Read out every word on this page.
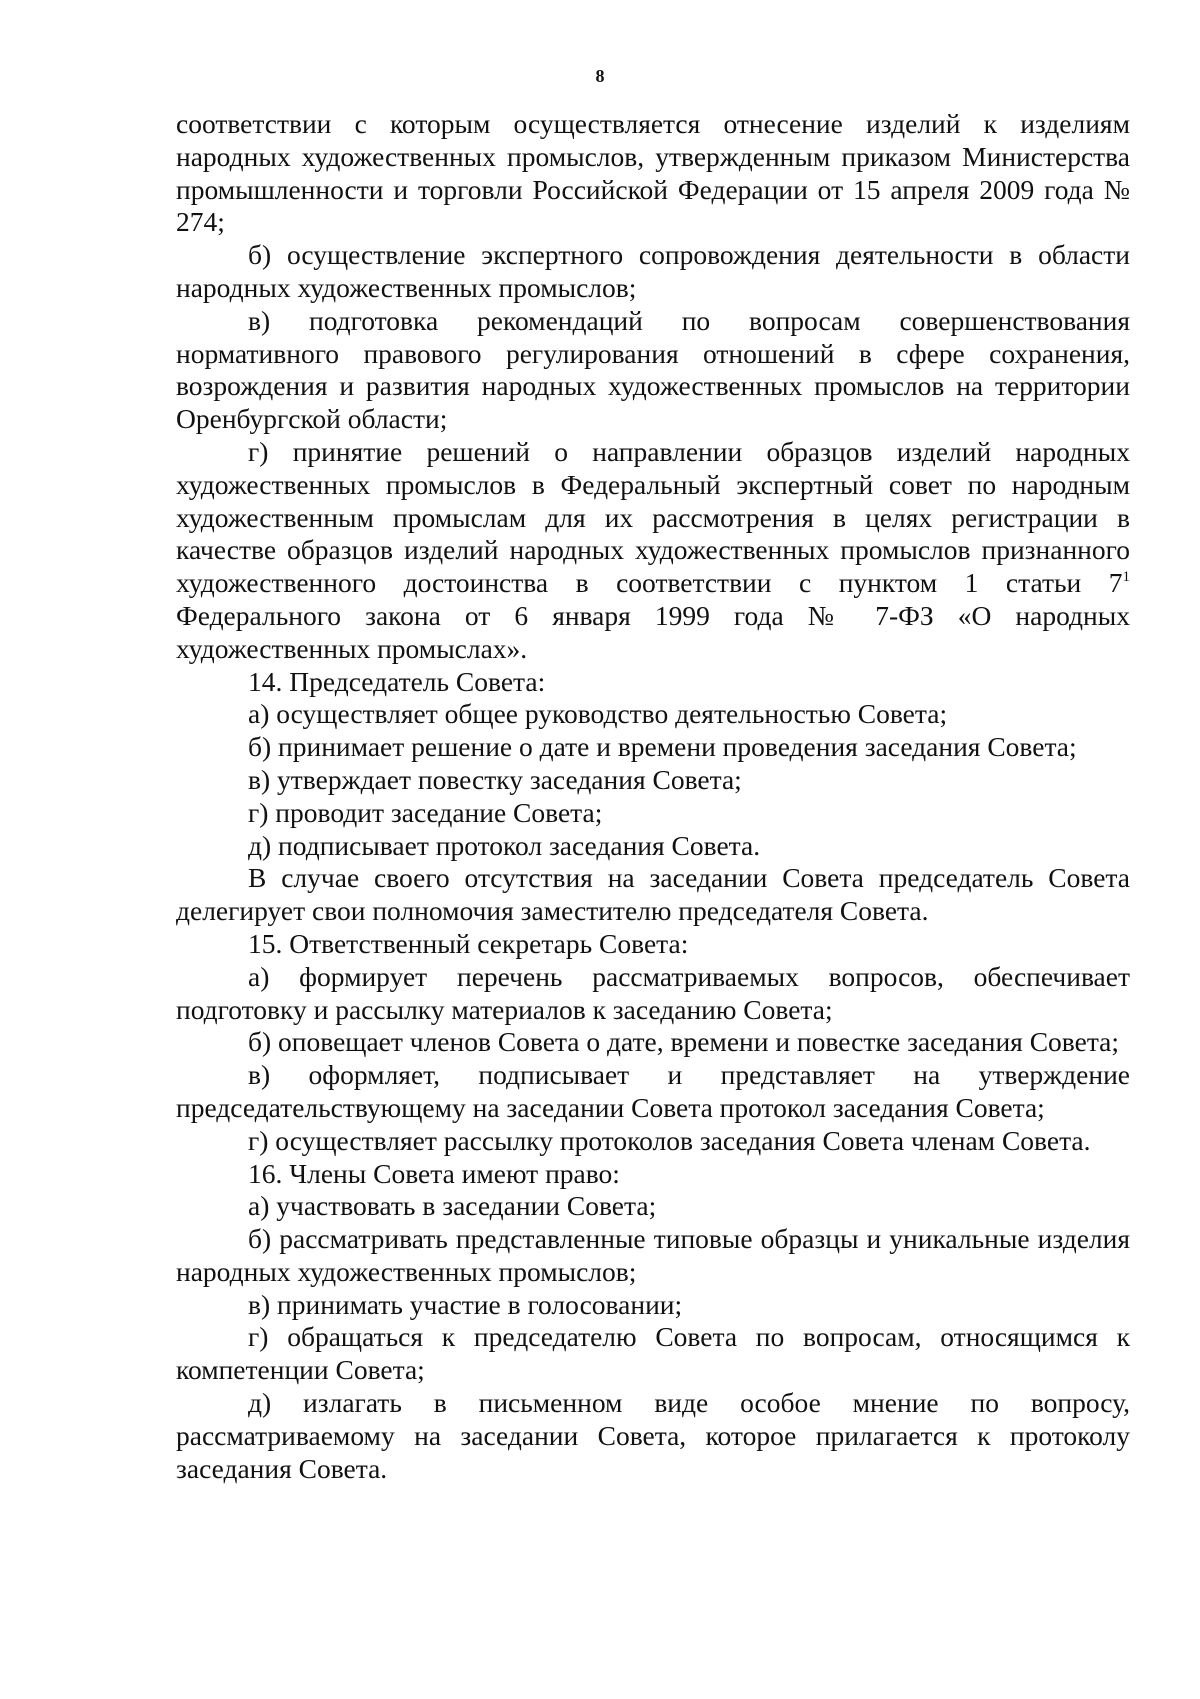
8

соответствии с которым осуществляется отнесение изделий к изделиям народных художественных промыслов, утвержденным приказом Министерства промышленности и торговли Российской Федерации от 15 апреля 2009 года № 274;

б) осуществление экспертного сопровождения деятельности в области народных художественных промыслов;

в) подготовка рекомендаций по вопросам совершенствования нормативного правового регулирования отношений в сфере сохранения, возрождения и развития народных художественных промыслов на территории Оренбургской области;

г) принятие решений о направлении образцов изделий народных художественных промыслов в Федеральный экспертный совет по народным художественным промыслам для их рассмотрения в целях регистрации в качестве образцов изделий народных художественных промыслов признанного художественного достоинства в соответствии с пунктом 1 статьи $7^1$ Федерального закона от 6 января 1999 года № 7-ФЗ «О народных художественных промыслах».

14. Председатель Совета:

а) осуществляет общее руководство деятельностью Совета;

б) принимает решение о дате и времени проведения заседания Совета;

в) утверждает повестку заседания Совета;

г) проводит заседание Совета;

д) подписывает протокол заседания Совета.

В случае своего отсутствия на заседании Совета председатель Совета делегирует свои полномочия заместителю председателя Совета.

15. Ответственный секретарь Совета:

а) формирует перечень рассматриваемых вопросов, обеспечивает подготовку и рассылку материалов к заседанию Совета;

б) оповещает членов Совета о дате, времени и повестке заседания Совета;

в) оформляет, подписывает и представляет на утверждение председательствующему на заседании Совета протокол заседания Совета;

г) осуществляет рассылку протоколов заседания Совета членам Совета.

16. Члены Совета имеют право:

а) участвовать в заседании Совета;

б) рассматривать представленные типовые образцы и уникальные изделия народных художественных промыслов;

в) принимать участие в голосовании;

г) обращаться к председателю Совета по вопросам, относящимся к компетенции Совета;

д) излагать в письменном виде особое мнение по вопросу, рассматриваемому на заседании Совета, которое прилагается к протоколу заседания Совета.
